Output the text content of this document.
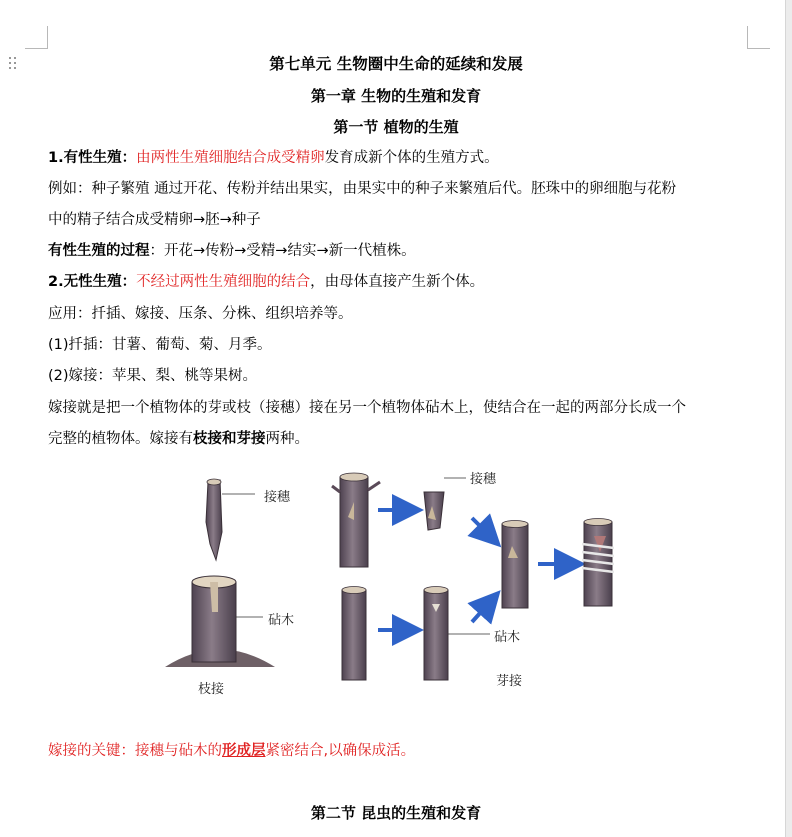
第七单元 生物圈中生命的延续和发展
第一章 生物的生殖和发育
第一节 植物的生殖
1.有性生殖：由两性生殖细胞结合成受精卵发育成新个体的生殖方式。
例如：种子繁殖 通过开花、传粉并结出果实，由果实中的种子来繁殖后代。胚珠中的卵细胞与花粉
中的精子结合成受精卵→胚→种子
有性生殖的过程：开花→传粉→受精→结实→新一代植株。
2.无性生殖：不经过两性生殖细胞的结合，由母体直接产生新个体。
应用：扦插、嫁接、压条、分株、组织培养等。
(1)扦插：甘薯、葡萄、菊、月季。
(2)嫁接：苹果、梨、桃等果树。
嫁接就是把一个植物体的芽或枝（接穗）接在另一个植物体砧木上，使结合在一起的两部分长成一个
完整的植物体。嫁接有枝接和芽接两种。
接穗
砧木
枝接
接穗
砧木
芽接
嫁接的关键：接穗与砧木的形成层紧密结合,以确保成活。
第二节 昆虫的生殖和发育
